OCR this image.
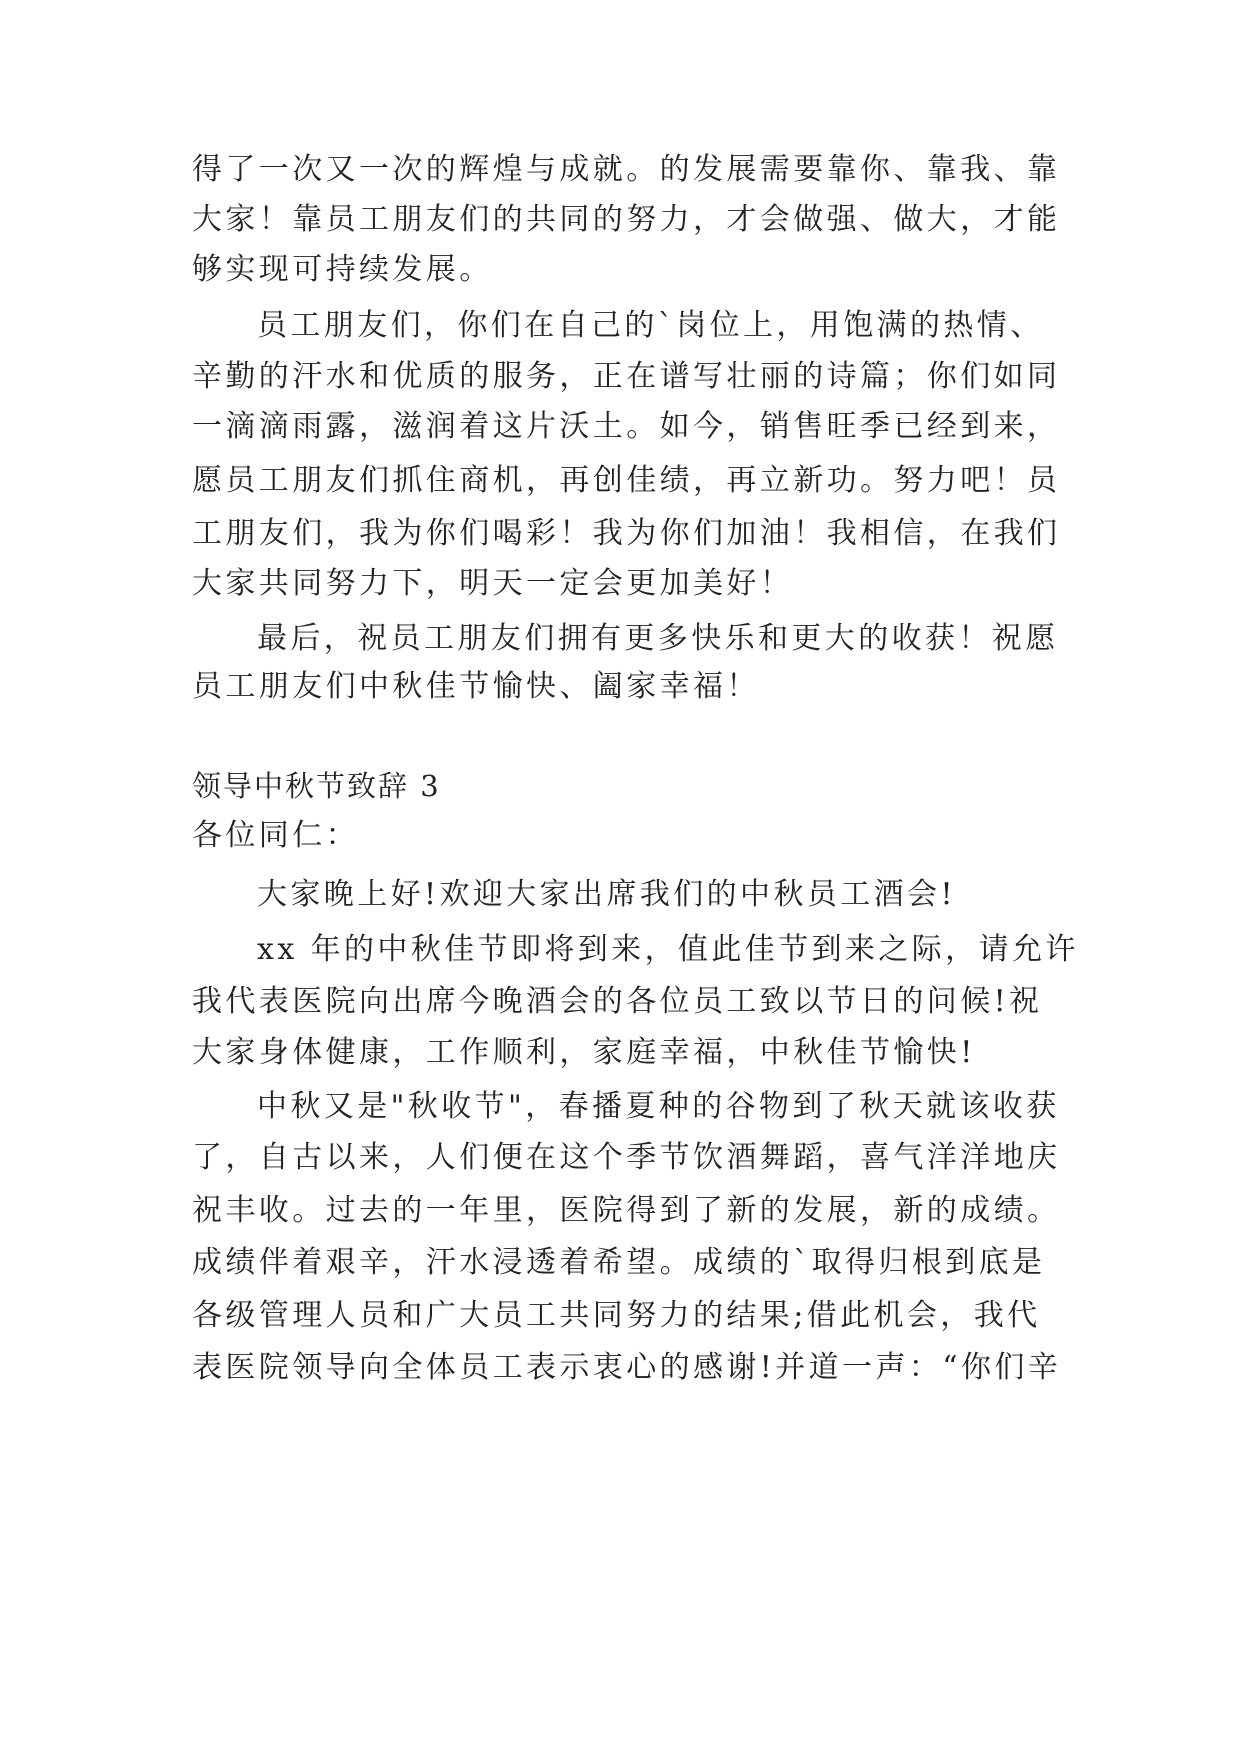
得了一次又一次的辉煌与成就。的发展需要靠你、靠我、靠
大家！靠员工朋友们的共同的努力，才会做强、做大，才能
够实现可持续发展。
员工朋友们，你们在自己的`岗位上，用饱满的热情、
辛勤的汗水和优质的服务，正在谱写壮丽的诗篇；你们如同
一滴滴雨露，滋润着这片沃土。如今，销售旺季已经到来，
愿员工朋友们抓住商机，再创佳绩，再立新功。努力吧！员
工朋友们，我为你们喝彩！我为你们加油！我相信，在我们
大家共同努力下，明天一定会更加美好！
最后，祝员工朋友们拥有更多快乐和更大的收获！祝愿
员工朋友们中秋佳节愉快、阖家幸福！
领导中秋节致辞 3
各位同仁：
大家晚上好!欢迎大家出席我们的中秋员工酒会!
xx 年的中秋佳节即将到来，值此佳节到来之际，请允许
我代表医院向出席今晚酒会的各位员工致以节日的问候!祝
大家身体健康，工作顺利，家庭幸福，中秋佳节愉快!
中秋又是"秋收节"，春播夏种的谷物到了秋天就该收获
了，自古以来，人们便在这个季节饮酒舞蹈，喜气洋洋地庆
祝丰收。过去的一年里，医院得到了新的发展，新的成绩。
成绩伴着艰辛，汗水浸透着希望。成绩的`取得归根到底是
各级管理人员和广大员工共同努力的结果;借此机会，我代
表医院领导向全体员工表示衷心的感谢!并道一声：“你们辛
